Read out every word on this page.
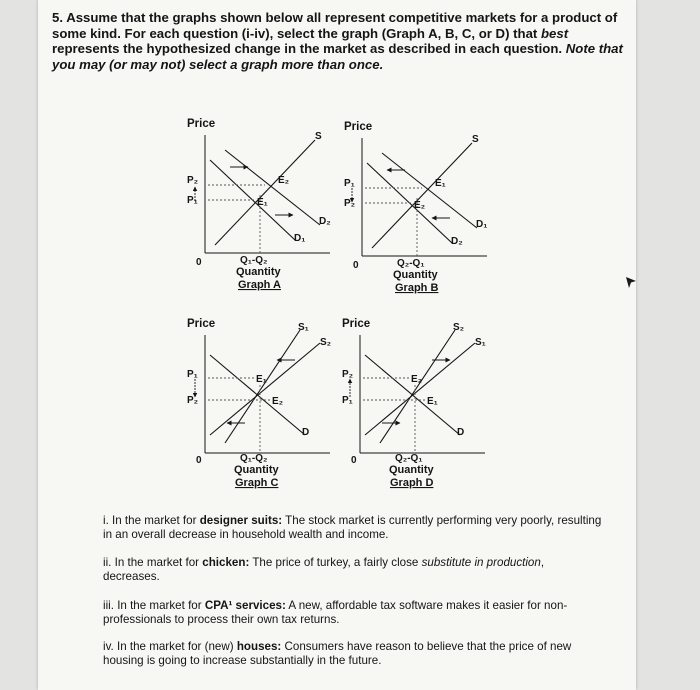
5. Assume that the graphs shown below all represent competitive markets for a product of some kind. For each question (i-iv), select the graph (Graph A, B, C, or D) that best represents the hypothesized change in the market as described in each question. Note that you may (or may not) select a graph more than once.

Price
S
D₂
D₁
P₂
P₁
E₂
E₁
0	Q₁-Q₂
Quantity
Graph A
Price
S
D₁
D₂
P₁
P₂
E₁
E₂
0	Q₂-Q₁
Quantity
Graph B
Price
D
S₁
S₂
P₁
P₂
E₁
E₂
0	Q₁-Q₂
Quantity
Graph C
Price
D
S₂
S₁
P₂
P₁
E₂
E₁
0	Q₂-Q₁
Quantity
Graph D

i. In the market for designer suits: The stock market is currently performing very poorly, resulting in an overall decrease in household wealth and income.

ii. In the market for chicken: The price of turkey, a fairly close substitute in production, decreases.

iii. In the market for CPA¹ services: A new, affordable tax software makes it easier for non-professionals to process their own tax returns.

iv. In the market for (new) houses: Consumers have reason to believe that the price of new housing is going to increase substantially in the future.
